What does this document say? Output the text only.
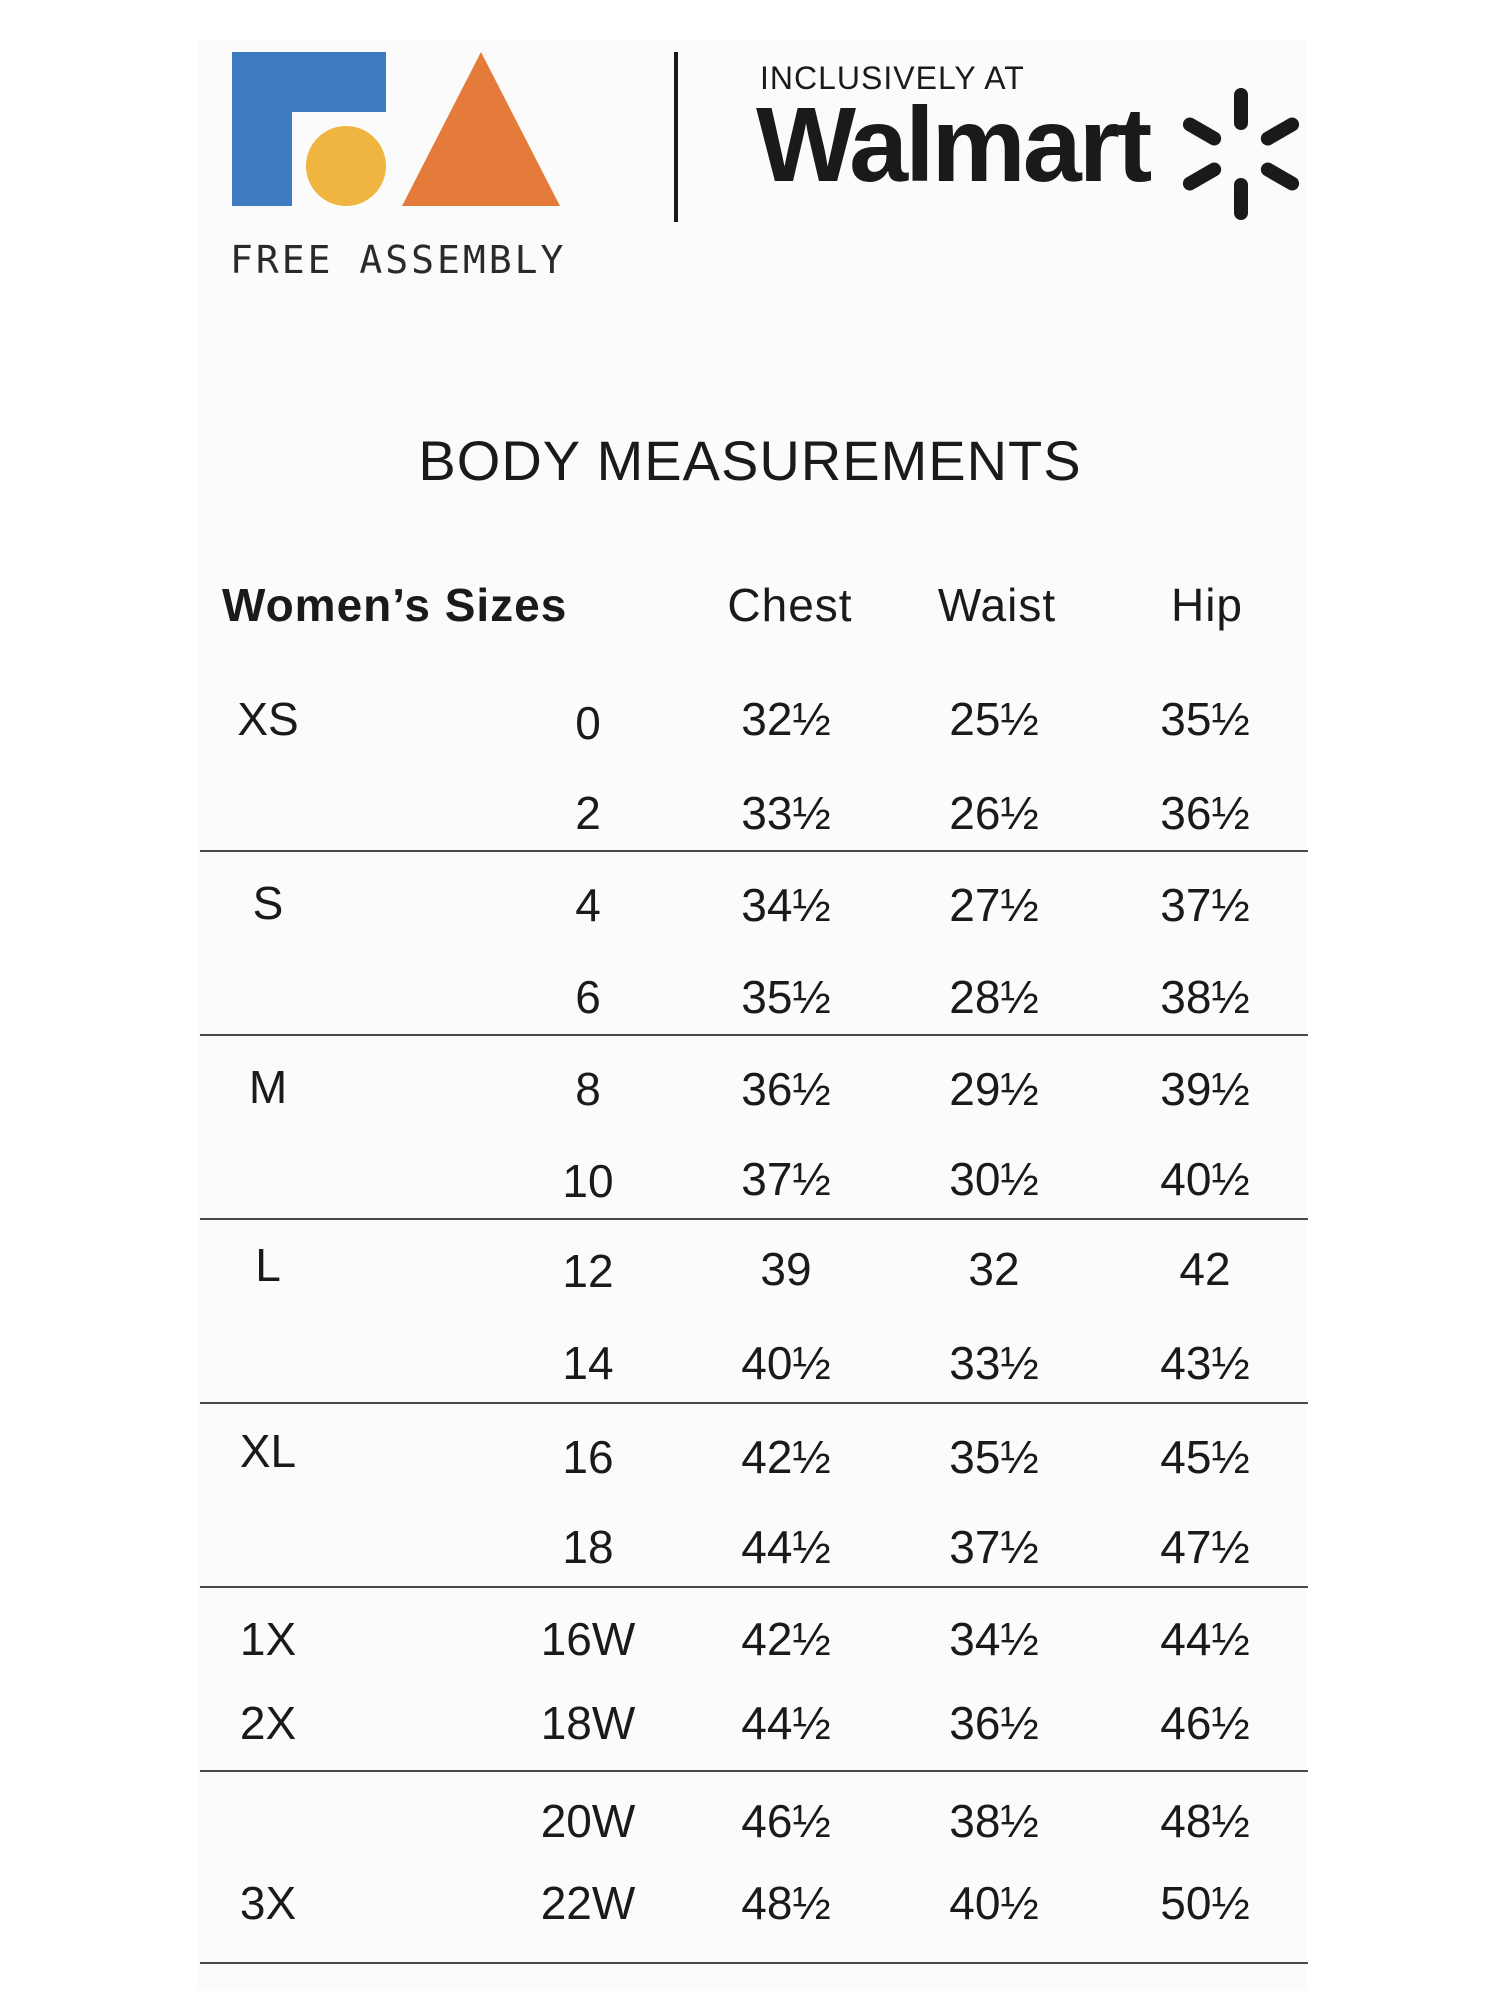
FREE ASSEMBLY
INCLUSIVELY AT
Walmart
BODY MEASUREMENTS
Women’s Sizes	Chest Waist Hip
XS	0	32½	25½	35½
2	33½	26½	36½
S	4	34½	27½	37½
6	35½	28½	38½
M	8	36½	29½	39½
10	37½	30½	40½
L	12	39	32	42
14	40½	33½	43½
XL	16	42½	35½	45½
18	44½	37½	47½
1X	16W 42½	34½	44½
2X	18W 44½	36½	46½
20W 46½	38½	48½
3X	22W 48½	40½	50½
